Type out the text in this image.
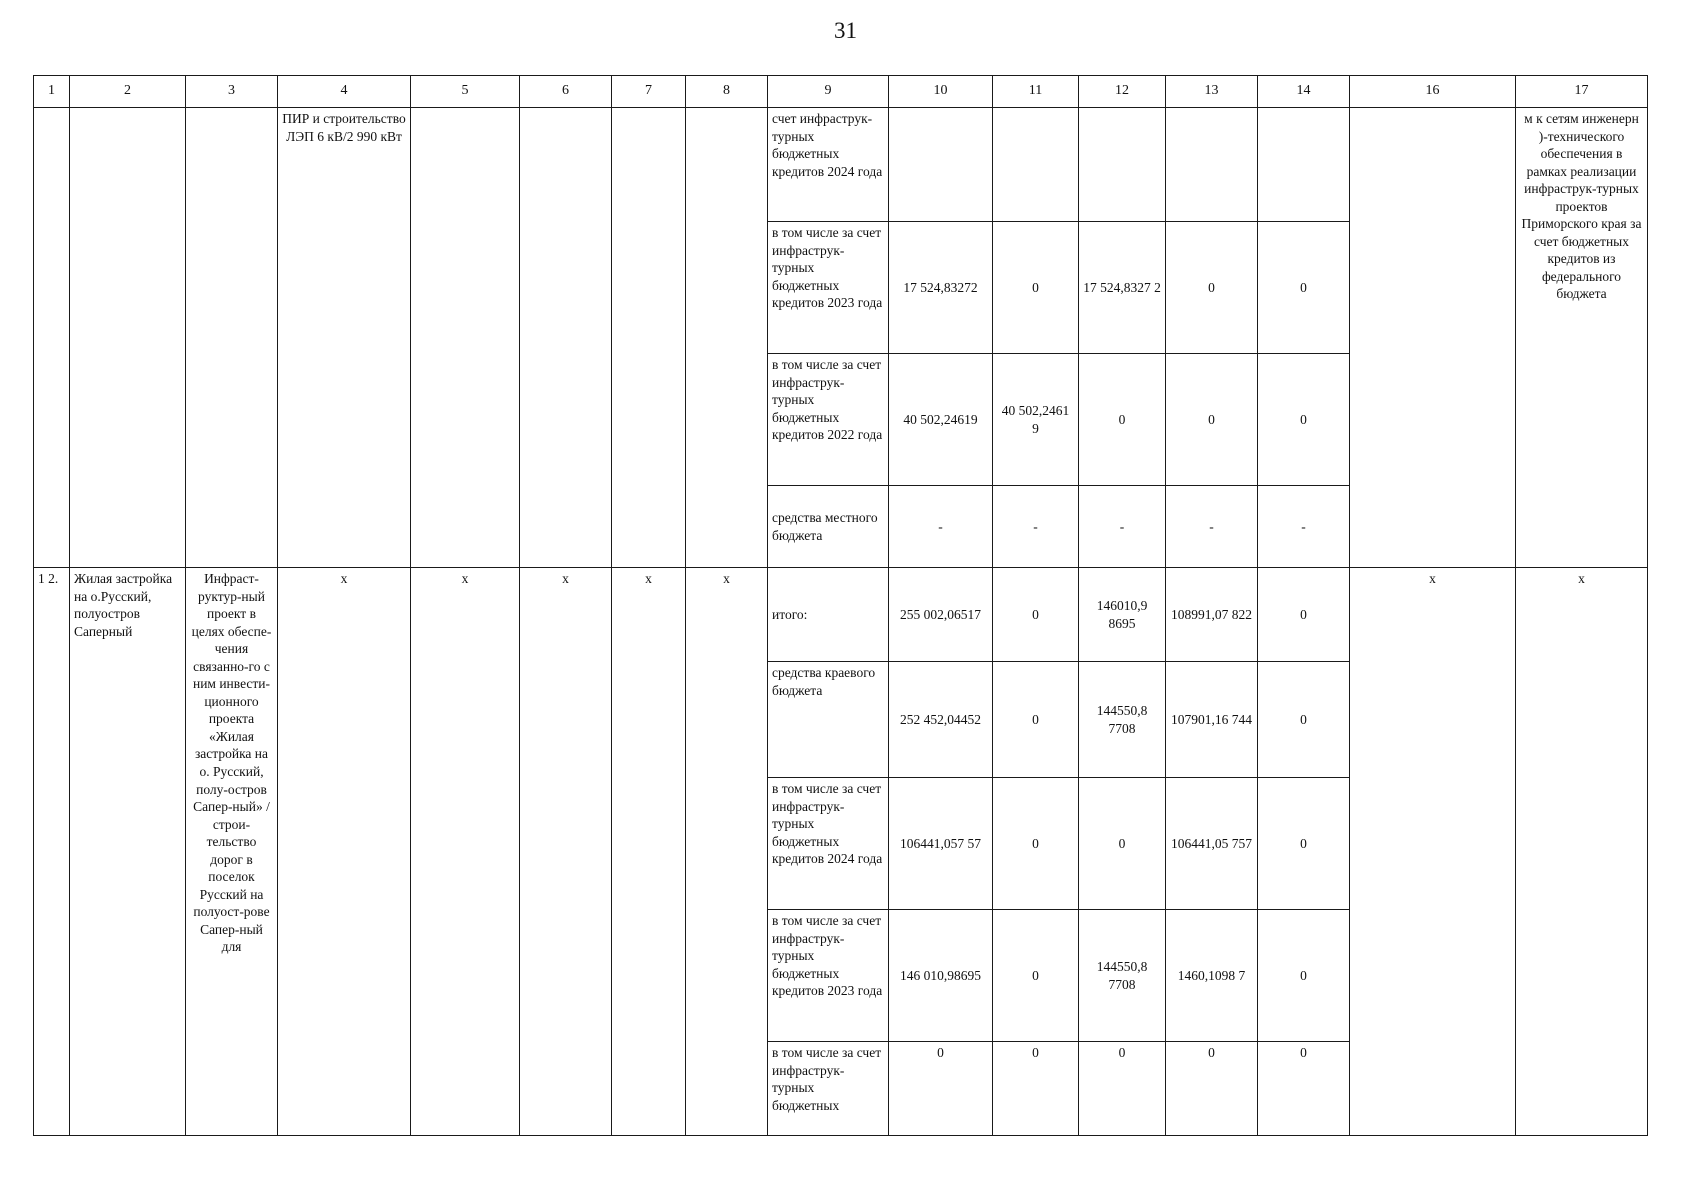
31
1	2	3	4	5	6	7	8	9	10	11	12	13	14	16	17
			ПИР и строительство ЛЭП 6 кВ/2 990 кВт					счет инфраструк-турных бюджетных кредитов 2024 года							м к сетям инженерн )-технического обеспечения в рамках реализации инфраструк-турных проектов Приморского края за счет бюджетных кредитов из федерального бюджета
								в том числе за счет инфраструк-турных бюджетных кредитов 2023 года	17 524,83272	0	17 524,8327 2	0	0		
								в том числе за счет инфраструк-турных бюджетных кредитов 2022 года	40 502,24619	40 502,2461 9	0	0	0		
								средства местного бюджета	-	-	-	-	-		
1 2.	Жилая застройка на о.Русский, полуостров Саперный	Инфраст-руктур-ный проект в целях обеспе-чения связанно-го с ним инвести-ционного проекта «Жилая застройка на о. Русский, полу-остров Сапер-ный» /строи-тельство дорог в поселок Русский на полуост-рове Сапер-ный для	x	x	x	x	x	итого:	255 002,06517	0	146010,9 8695	108991,07 822	0	x	x
								средства краевого бюджета	252 452,04452	0	144550,8 7708	107901,16 744	0		
								в том числе за счет инфраструк-турных бюджетных кредитов 2024 года	106441,057 57	0	0	106441,05 757	0		
								в том числе за счет инфраструк-турных бюджетных кредитов 2023 года	146 010,98695	0	144550,8 7708	1460,1098 7	0		
								в том числе за счет инфраструк-турных бюджетных	0	0	0	0	0		
